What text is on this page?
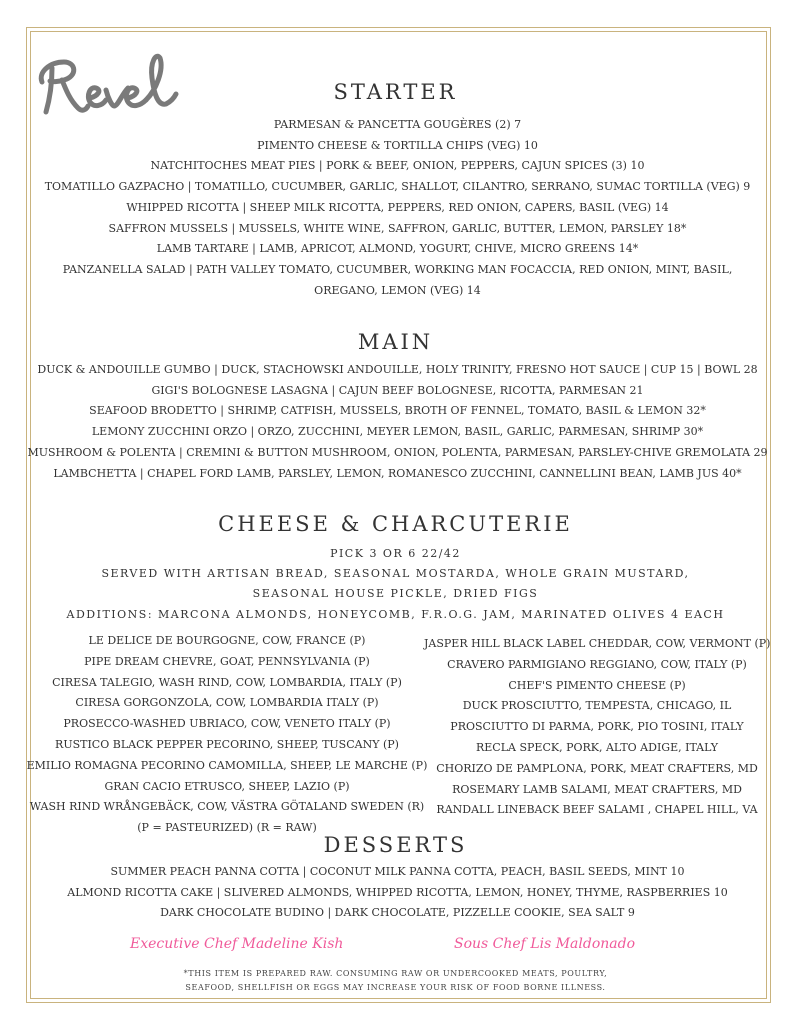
STARTER
PARMESAN & PANCETTA GOUGÈRES (2) 7
PIMENTO CHEESE & TORTILLA CHIPS (VEG) 10
NATCHITOCHES MEAT PIES | PORK & BEEF, ONION, PEPPERS, CAJUN SPICES (3) 10
TOMATILLO GAZPACHO | TOMATILLO, CUCUMBER, GARLIC, SHALLOT, CILANTRO, SERRANO, SUMAC TORTILLA (VEG) 9
WHIPPED RICOTTA | SHEEP MILK RICOTTA, PEPPERS, RED ONION, CAPERS, BASIL (VEG) 14
SAFFRON MUSSELS | MUSSELS, WHITE WINE, SAFFRON, GARLIC, BUTTER, LEMON, PARSLEY 18*
LAMB TARTARE | LAMB, APRICOT, ALMOND, YOGURT, CHIVE, MICRO GREENS 14*
PANZANELLA SALAD | PATH VALLEY TOMATO, CUCUMBER, WORKING MAN FOCACCIA, RED ONION, MINT, BASIL,
OREGANO, LEMON (VEG) 14
MAIN
DUCK & ANDOUILLE GUMBO | DUCK, STACHOWSKI ANDOUILLE, HOLY TRINITY, FRESNO HOT SAUCE | CUP 15 | BOWL 28
GIGI'S BOLOGNESE LASAGNA | CAJUN BEEF BOLOGNESE, RICOTTA, PARMESAN 21
SEAFOOD BRODETTO | SHRIMP, CATFISH, MUSSELS, BROTH OF FENNEL, TOMATO, BASIL & LEMON 32*
LEMONY ZUCCHINI ORZO | ORZO, ZUCCHINI, MEYER LEMON, BASIL, GARLIC, PARMESAN, SHRIMP 30*
MUSHROOM & POLENTA | CREMINI & BUTTON MUSHROOM, ONION, POLENTA, PARMESAN, PARSLEY-CHIVE GREMOLATA 29
LAMBCHETTA | CHAPEL FORD LAMB, PARSLEY, LEMON, ROMANESCO ZUCCHINI, CANNELLINI BEAN, LAMB JUS 40*
CHEESE & CHARCUTERIE
PICK 3 OR 6 22/42
SERVED WITH ARTISAN BREAD, SEASONAL MOSTARDA, WHOLE GRAIN MUSTARD,
SEASONAL HOUSE PICKLE, DRIED FIGS
ADDITIONS: MARCONA ALMONDS, HONEYCOMB, F.R.O.G. JAM, MARINATED OLIVES 4 EACH
LE DELICE DE BOURGOGNE, COW, FRANCE (P)
PIPE DREAM CHEVRE, GOAT, PENNSYLVANIA (P)
CIRESA TALEGIO, WASH RIND, COW, LOMBARDIA, ITALY (P)
CIRESA GORGONZOLA, COW, LOMBARDIA ITALY (P)
PROSECCO-WASHED UBRIACO, COW, VENETO ITALY (P)
RUSTICO BLACK PEPPER PECORINO, SHEEP, TUSCANY (P)
EMILIO ROMAGNA PECORINO CAMOMILLA, SHEEP, LE MARCHE (P)
GRAN CACIO ETRUSCO, SHEEP, LAZIO (P)
WASH RIND WRÅNGEBÄCK, COW, VÄSTRA GÖTALAND SWEDEN (R)
(P = PASTEURIZED) (R = RAW)
JASPER HILL BLACK LABEL CHEDDAR, COW, VERMONT (P)
CRAVERO PARMIGIANO REGGIANO, COW, ITALY (P)
CHEF'S PIMENTO CHEESE (P)
DUCK PROSCIUTTO, TEMPESTA, CHICAGO, IL
PROSCIUTTO DI PARMA, PORK, PIO TOSINI, ITALY
RECLA SPECK, PORK, ALTO ADIGE, ITALY
CHORIZO DE PAMPLONA, PORK, MEAT CRAFTERS, MD
ROSEMARY LAMB SALAMI, MEAT CRAFTERS, MD
RANDALL LINEBACK BEEF SALAMI , CHAPEL HILL, VA
DESSERTS
SUMMER PEACH PANNA COTTA | COCONUT MILK PANNA COTTA, PEACH, BASIL SEEDS, MINT 10
ALMOND RICOTTA CAKE | SLIVERED ALMONDS, WHIPPED RICOTTA, LEMON, HONEY, THYME, RASPBERRIES 10
DARK CHOCOLATE BUDINO | DARK CHOCOLATE, PIZZELLE COOKIE, SEA SALT 9
Executive Chef Madeline Kish	Sous Chef Lis Maldonado
*THIS ITEM IS PREPARED RAW. CONSUMING RAW OR UNDERCOOKED MEATS, POULTRY,
SEAFOOD, SHELLFISH OR EGGS MAY INCREASE YOUR RISK OF FOOD BORNE ILLNESS.
